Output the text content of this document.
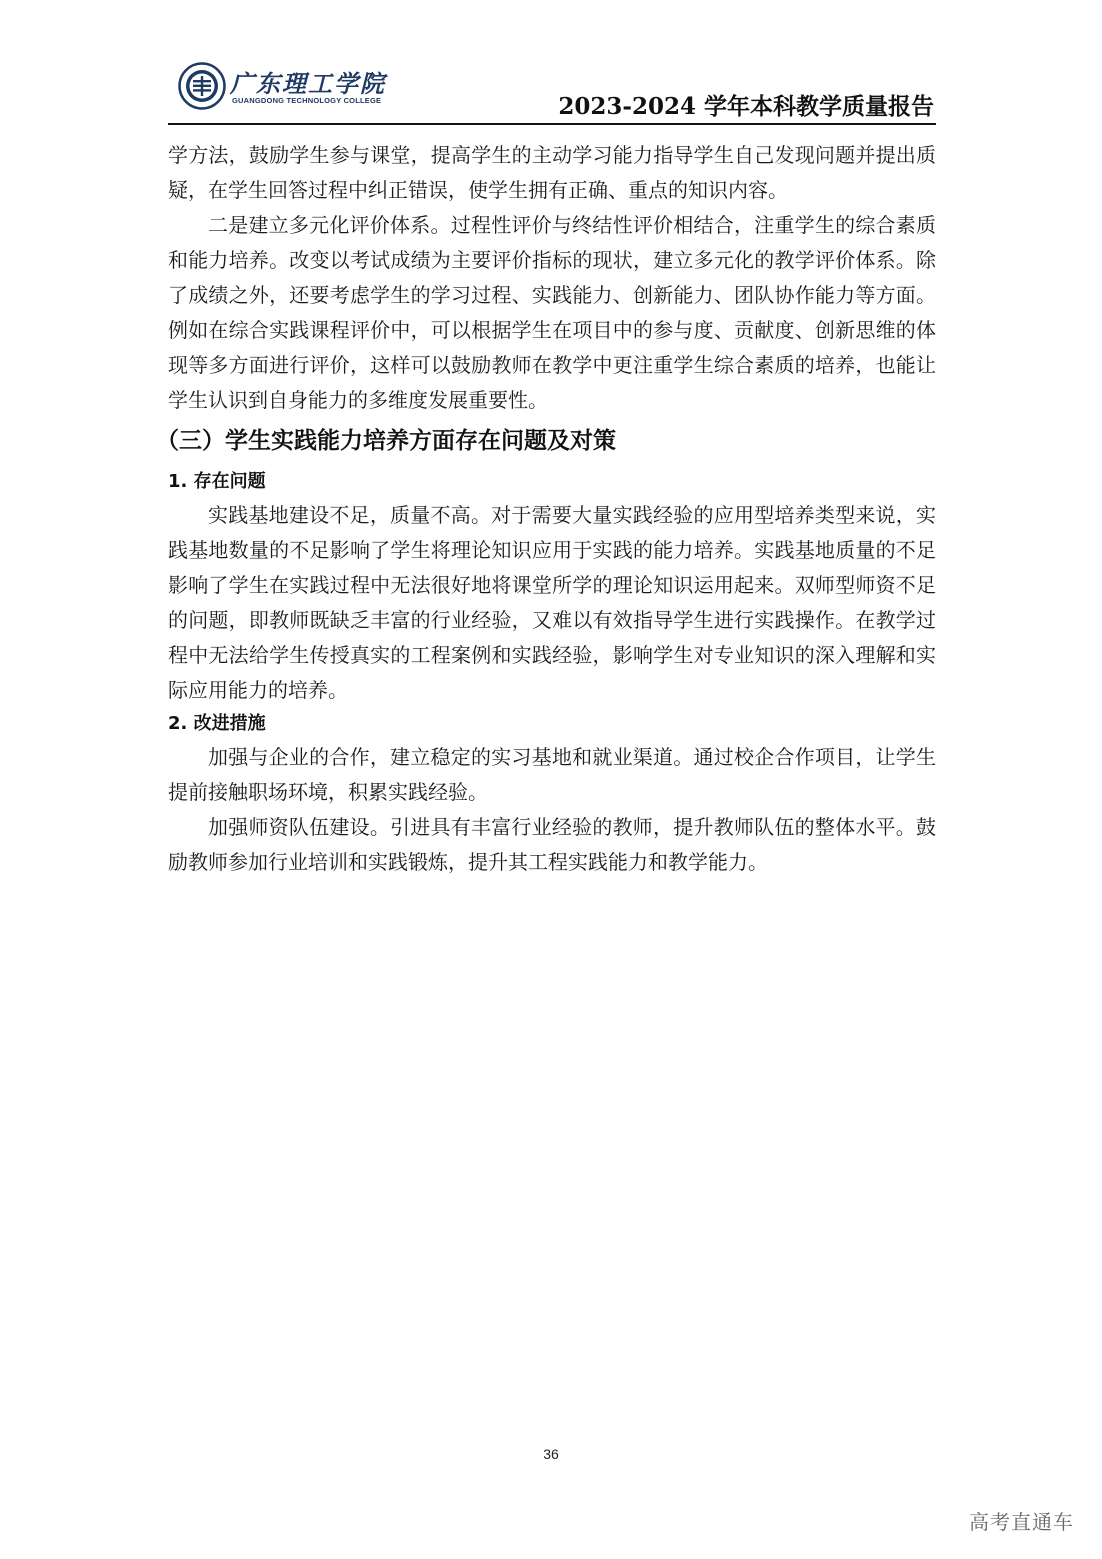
广东理工学院
GUANGDONG TECHNOLOGY COLLEGE	2023-2024 学年本科教学质量报告

学方法，鼓励学生参与课堂，提高学生的主动学习能力指导学生自己发现问题并提出质疑，在学生回答过程中纠正错误，使学生拥有正确、重点的知识内容。

二是建立多元化评价体系。过程性评价与终结性评价相结合，注重学生的综合素质和能力培养。改变以考试成绩为主要评价指标的现状，建立多元化的教学评价体系。除了成绩之外，还要考虑学生的学习过程、实践能力、创新能力、团队协作能力等方面。例如在综合实践课程评价中，可以根据学生在项目中的参与度、贡献度、创新思维的体现等多方面进行评价，这样可以鼓励教师在教学中更注重学生综合素质的培养，也能让学生认识到自身能力的多维度发展重要性。

（三）学生实践能力培养方面存在问题及对策
1. 存在问题

实践基地建设不足，质量不高。对于需要大量实践经验的应用型培养类型来说，实践基地数量的不足影响了学生将理论知识应用于实践的能力培养。实践基地质量的不足影响了学生在实践过程中无法很好地将课堂所学的理论知识运用起来。双师型师资不足的问题，即教师既缺乏丰富的行业经验，又难以有效指导学生进行实践操作。在教学过程中无法给学生传授真实的工程案例和实践经验，影响学生对专业知识的深入理解和实际应用能力的培养。

2. 改进措施

加强与企业的合作，建立稳定的实习基地和就业渠道。通过校企合作项目，让学生提前接触职场环境，积累实践经验。

加强师资队伍建设。引进具有丰富行业经验的教师，提升教师队伍的整体水平。鼓励教师参加行业培训和实践锻炼，提升其工程实践能力和教学能力。

36
高考直通车
